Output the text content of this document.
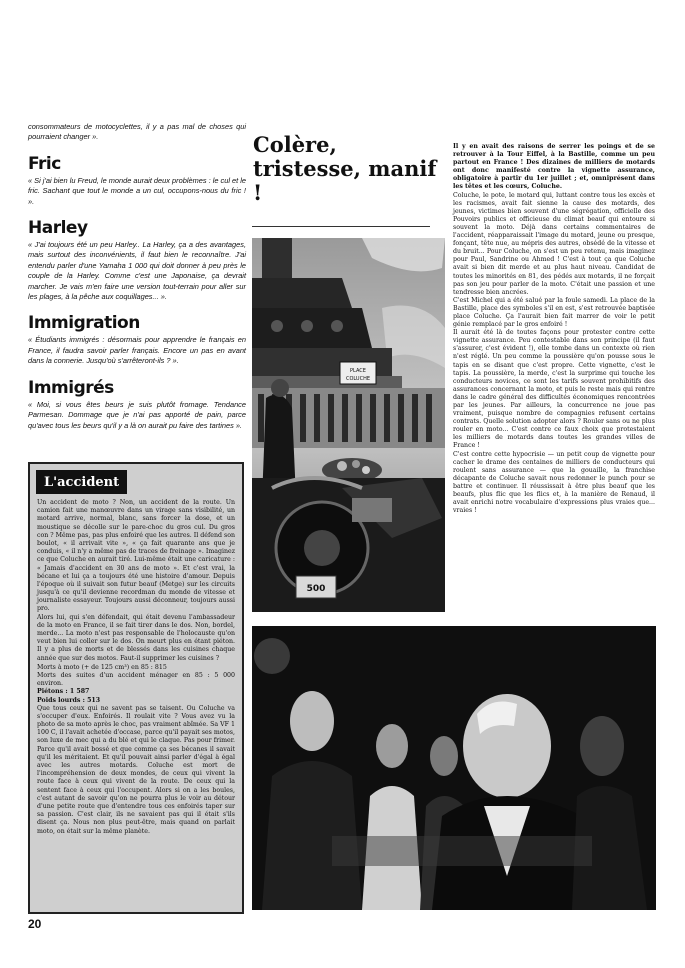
consommateurs de motocyclettes, il y a pas mal de choses qui pourraient changer ».

Fric

« Si j'ai bien lu Freud, le monde aurait deux problèmes : le cul et le fric. Sachant que tout le monde a un cul, occupons-nous du fric ! ».

Harley

« J'ai toujours été un peu Harley.. La Harley, ça a des avantages, mais surtout des inconvénients, il faut bien le reconnaître. J'ai entendu parler d'une Yamaha 1 000 qui doit donner à peu près le couple de la Harley. Comme c'est une Japonaise, ça devrait marcher. Je vais m'en faire une version tout-terrain pour aller sur les plages, à la pêche aux coquillages... ».

Immigration

« Étudiants immigrés : désormais pour apprendre le français en France, il faudra savoir parler français. Encore un pas en avant dans la connerie. Jusqu'où s'arrêteront-ils ? ».

Immigrés

« Moi, si vous êtes beurs je suis plutôt fromage. Tendance Parmesan. Dommage que je n'ai pas apporté de pain, parce qu'avec tous les beurs qu'il y a là on aurait pu faire des tartines ».

L'accident

Un accident de moto ? Non, un accident de la route. Un camion fait une manœuvre dans un virage sans visibilité, un motard arrive, normal, blanc, sans forcer la dose, et un moustique se décolle sur le pare-choc du gros cul. Du gros con ? Même pas, pas plus enfoiré que les autres. Il défend son boulot, « il arrivait vite », « ça fait quarante ans que je conduis, « il n'y a même pas de traces de freinage ». Imaginez ce que Coluche en aurait tiré. Lui-même était une caricature : « Jamais d'accident en 30 ans de moto ». Et c'est vrai, la bécane et lui ça a toujours été une histoire d'amour. Depuis l'époque où il suivait son futur beauf (Metge) sur les circuits jusqu'à ce qu'il devienne recordman du monde de vitesse et journaliste essayeur. Toujours aussi déconneur, toujours aussi pro.

Alors lui, qui s'en défendait, qui était devenu l'ambassadeur de la moto en France, il se fait tirer dans le dos. Non, bordel, merde... La moto n'est pas responsable de l'holocauste qu'on veut bien lui coller sur le dos. On meurt plus en étant piéton. Il y a plus de morts et de blessés dans les cuisines chaque année que sur des motos. Faut-il supprimer les cuisines ?

Morts à moto (+ de 125 cm³) en 85 : 815

Morts des suites d'un accident ménager en 85 : 5 000 environ.

Piétons : 1 587

Poids lourds : 513

Que tous ceux qui ne savent pas se taisent. Ou Coluche va s'occuper d'eux. Enfoirés. Il roulait vite ? Vous avez vu la photo de sa moto après le choc, pas vraiment abîmée. Sa VF 1 100 C, il l'avait achetée d'occase, parce qu'il payait ses motos, son luxe de mec qui a du blé et qui le claque. Pas pour frimer. Parce qu'il avait bossé et que comme ça ses bécanes il savait qu'il les méritaient. Et qu'il pouvait ainsi parler d'égal à égal avec les autres motards. Coluche est mort de l'incompréhension de deux mondes, de ceux qui vivent la route face à ceux qui vivent de la route. De ceux qui la sentent face à ceux qui l'occupent. Alors si on a les boules, c'est autant de savoir qu'on ne pourra plus le voir au détour d'une petite route que d'entendre tous ces enfoirés taper sur sa passion. C'est clair, ils ne savaient pas qui il était s'ils disent ça. Nous non plus peut-être, mais quand on parlait moto, on était sur la même planète.

Colère, tristesse, manif !
PLACE
COLUCHE
500

Il y en avait des raisons de serrer les poings et de se retrouver à la Tour Eiffel, à la Bastille, comme un peu partout en France ! Des dizaines de milliers de motards ont donc manifesté contre la vignette assurance, obligatoire à partir du 1er juillet ; et, omniprésent dans les têtes et les cœurs, Coluche.

Coluche, le pote, le motard qui, luttant contre tous les excès et les racismes, avait fait sienne la cause des motards, des jeunes, victimes bien souvent d'une ségrégation, officielle des Pouvoirs publics et officieuse du climat beauf qui entoure si souvent la moto. Déjà dans certains commentaires de l'accident, réapparaissait l'image du motard, jeune ou presque, fonçant, tête nue, au mépris des autres, obsédé de la vitesse et du bruit... Pour Coluche, on s'est un peu retenu, mais imaginez pour Paul, Sandrine ou Ahmed ! C'est à tout ça que Coluche avait si bien dit merde et au plus haut niveau. Candidat de toutes les minorités en 81, des pédés aux motards, il ne forçait pas son jeu pour parler de la moto. C'était une passion et une tendresse bien ancrées.

C'est Michel qui a été salué par la foule samedi. La place de la Bastille, place des symboles s'il en est, s'est retrouvée baptisée place Coluche. Ça l'aurait bien fait marrer de voir le petit génie remplacé par le gros enfoiré !

Il aurait été là de toutes façons pour protester contre cette vignette assurance. Peu contestable dans son principe (il faut s'assurer, c'est évident !), elle tombe dans un contexte où rien n'est réglé. Un peu comme la poussière qu'on pousse sous le tapis en se disant que c'est propre. Cette vignette, c'est le tapis. La poussière, la merde, c'est la surprime qui touche les conducteurs novices, ce sont les tarifs souvent prohibitifs des assurances concernant la moto, et puis le reste mais qui rentre dans le cadre général des difficultés économiques rencontrées par les jeunes. Par ailleurs, la concurrence ne joue pas vraiment, puisque nombre de compagnies refusent certains contrats. Quelle solution adopter alors ? Rouler sans ou ne plus rouler en moto... C'est contre ce faux choix que protestaient les milliers de motards dans toutes les grandes villes de France !

C'est contre cette hypocrisie — un petit coup de vignette pour cacher le drame des centaines de milliers de conducteurs qui roulent sans assurance — que la gouaille, la franchise décapante de Coluche savait nous redonner le punch pour se battre et continuer. Il réussissait à être plus beauf que les beaufs, plus flic que les flics et, à la manière de Renaud, il avait enrichi notre vocabulaire d'expressions plus vraies que... vraies !

20
